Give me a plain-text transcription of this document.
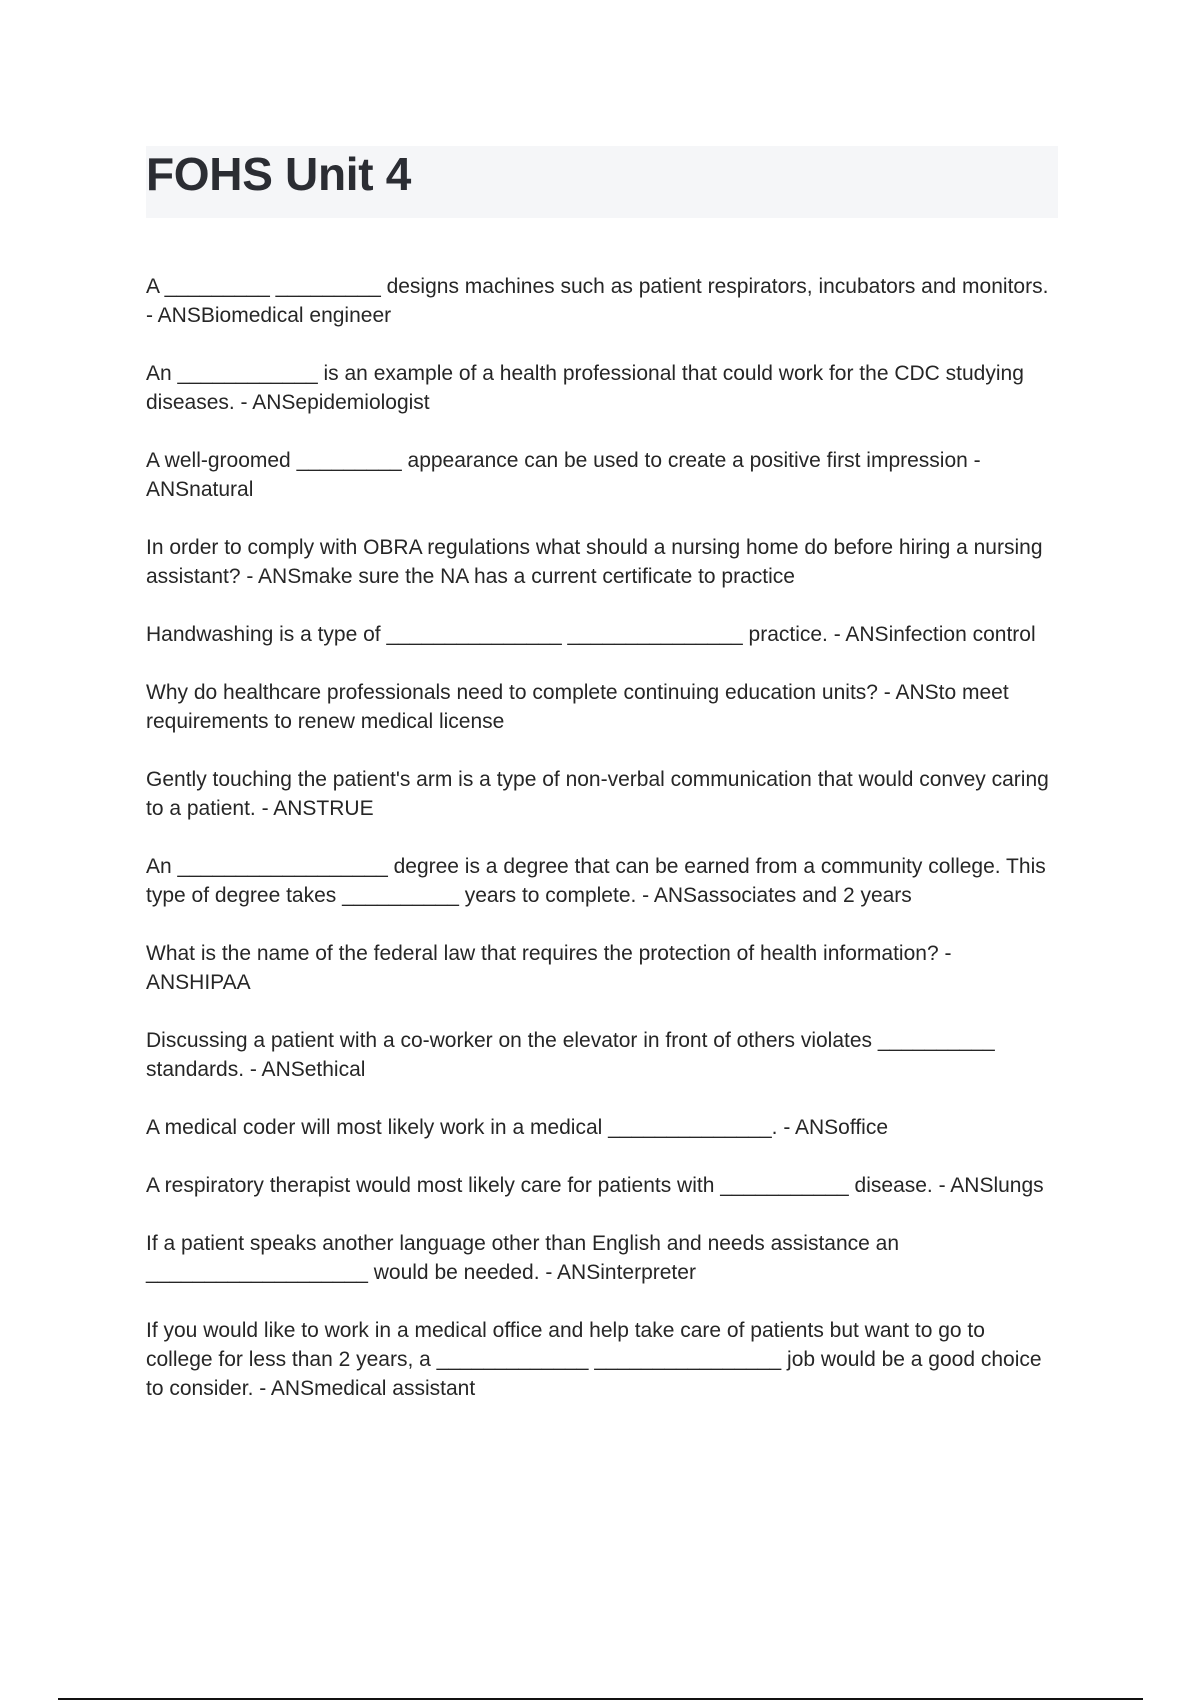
FOHS Unit 4

A _________ _________ designs machines such as patient respirators, incubators and monitors. - ANSBiomedical engineer

An ____________ is an example of a health professional that could work for the CDC studying diseases. - ANSepidemiologist

A well-groomed _________ appearance can be used to create a positive first impression - ANSnatural

In order to comply with OBRA regulations what should a nursing home do before hiring a nursing assistant? - ANSmake sure the NA has a current certificate to practice

Handwashing is a type of _______________ _______________ practice. - ANSinfection control

Why do healthcare professionals need to complete continuing education units? - ANSto meet requirements to renew medical license

Gently touching the patient's arm is a type of non-verbal communication that would convey caring to a patient. - ANSTRUE

An __________________ degree is a degree that can be earned from a community college. This type of degree takes __________ years to complete. - ANSassociates and 2 years

What is the name of the federal law that requires the protection of health information? - ANSHIPAA

Discussing a patient with a co-worker on the elevator in front of others violates __________ standards. - ANSethical

A medical coder will most likely work in a medical ______________. - ANSoffice

A respiratory therapist would most likely care for patients with ___________ disease. - ANSlungs

If a patient speaks another language other than English and needs assistance an ___________________ would be needed. - ANSinterpreter

If you would like to work in a medical office and help take care of patients but want to go to college for less than 2 years, a _____________ ________________ job would be a good choice to consider. - ANSmedical assistant
